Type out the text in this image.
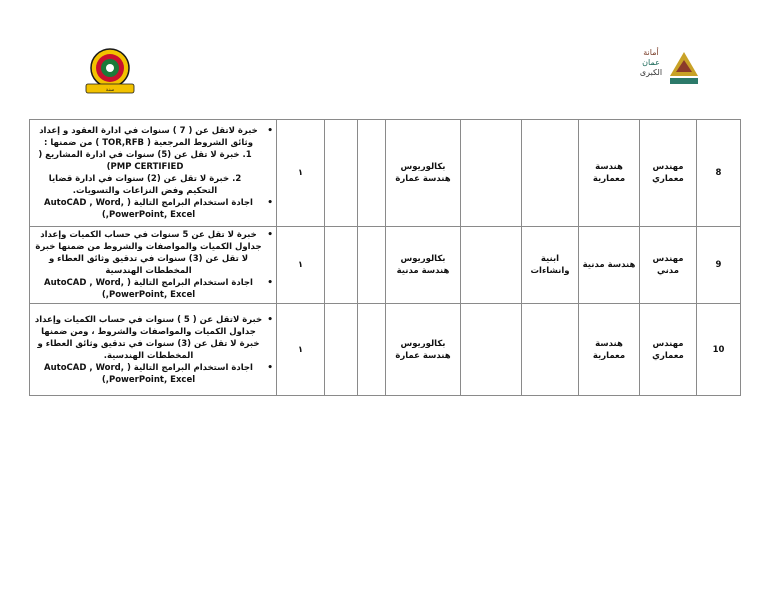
سنة
أمانة
عمان
الكبرى
8	مهندس معماري	هندسة معمارية			بكالوريوس هندسة عمارة			١	• خبرة لاتقل عن ( 7 ) سنوات في ادارة العقود و إعداد وثائق الشروط المرجعية ( TOR,RFB ) من ضمنها :
1. خبرة لا تقل عن (5) سنوات في ادارة المشاريع ( PMP CERTIFIED)
2. خبرة لا تقل عن (2) سنوات في ادارة قضايا التحكيم وفض النزاعات والتسويات.
• اجادة استخدام البرامج التالية ( AutoCAD , Word, PowerPoint, Excel,)

9	مهندس مدني	هندسة مدنية	ابنية وانشاءات		بكالوريوس هندسة مدنية			١	• خبرة لا تقل عن 5 سنوات في حساب الكميات وإعداد جداول الكميات والمواصفات والشروط من ضمنها خبرة لا تقل عن (3) سنوات في تدقيق وثائق العطاء و المخططات الهندسية
• اجادة استخدام البرامج التالية ( AutoCAD , Word, PowerPoint, Excel,)

10	مهندس معماري	هندسة معمارية			بكالوريوس هندسة عمارة			١	• خبرة لاتقل عن ( 5 ) سنوات في حساب الكميات وإعداد جداول الكميات والمواصفات والشروط ، ومن ضمنها خبرة لا تقل عن (3) سنوات في تدقيق وثائق العطاء و المخططات الهندسية.
• اجادة استخدام البرامج التالية ( AutoCAD , Word, PowerPoint, Excel,)
